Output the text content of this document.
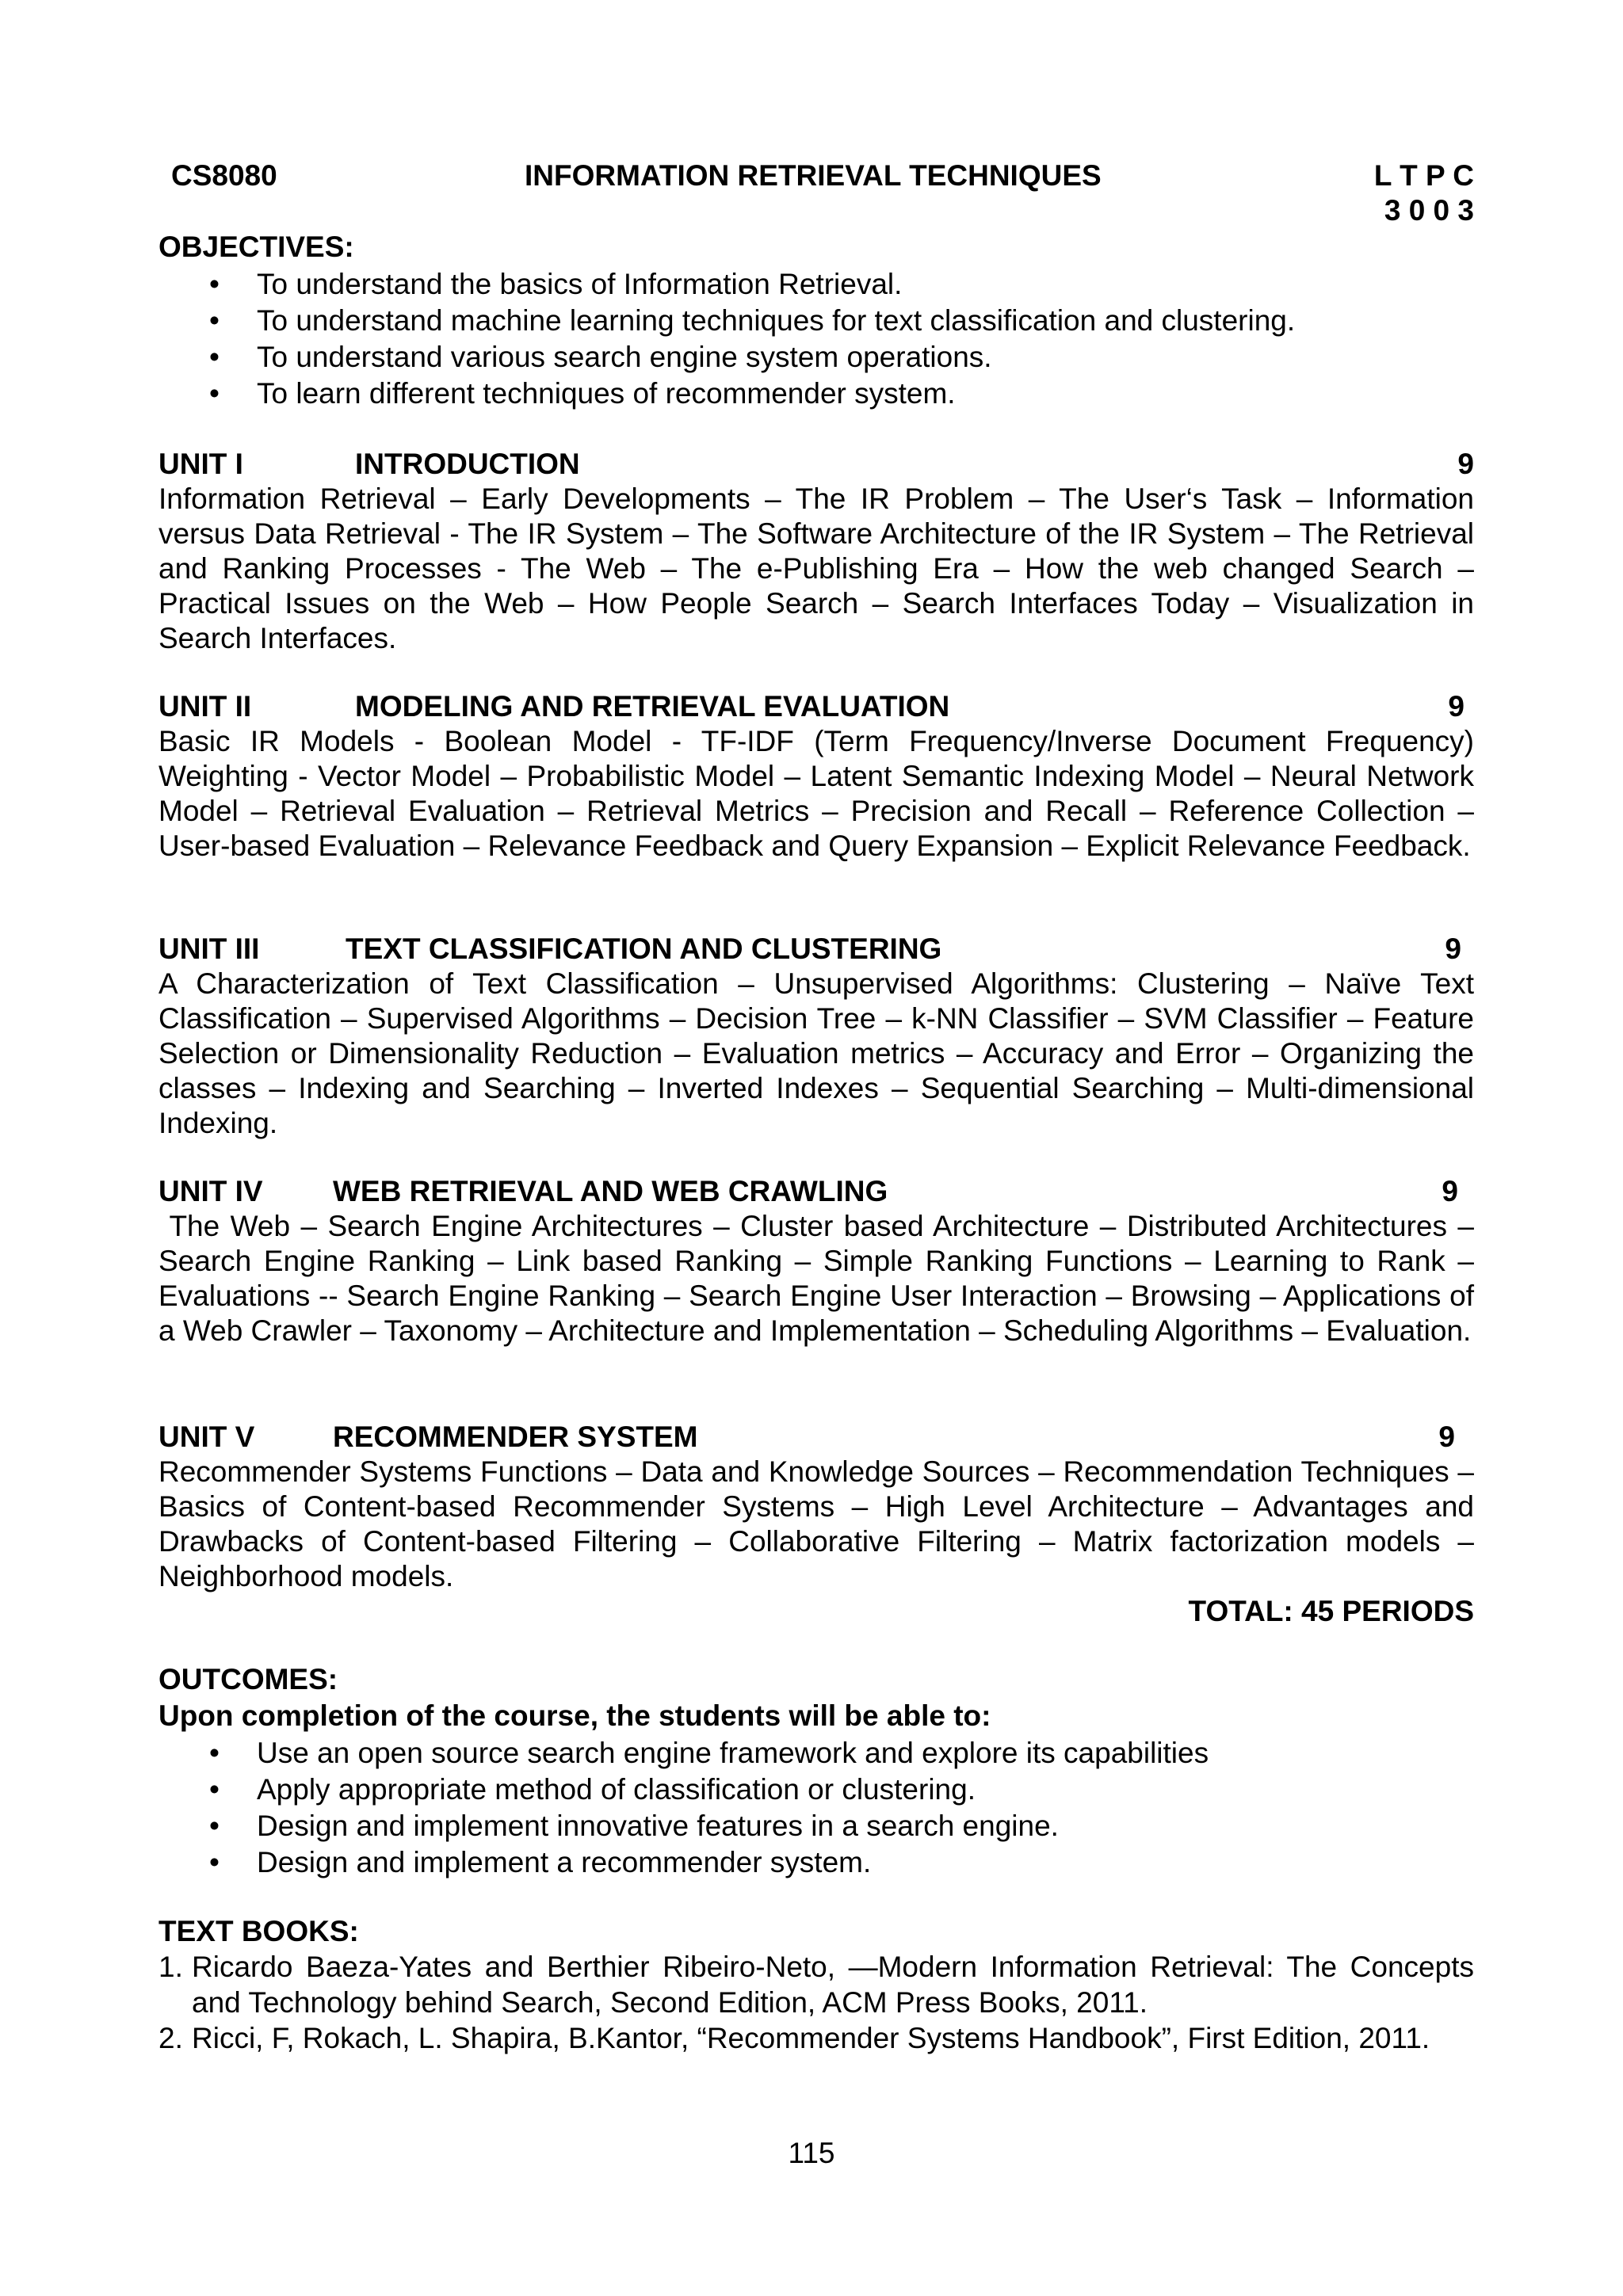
CS8080	INFORMATION RETRIEVAL TECHNIQUES	L T P C
3 0 0 3
OBJECTIVES:
• To understand the basics of Information Retrieval.
• To understand machine learning techniques for text classification and clustering.
• To understand various search engine system operations.
• To learn different techniques of recommender system.
UNIT I	INTRODUCTION	9
Information Retrieval – Early Developments – The IR Problem – The User‘s Task – Information versus Data Retrieval - The IR System – The Software Architecture of the IR System – The Retrieval and Ranking Processes - The Web – The e-Publishing Era – How the web changed Search – Practical Issues on the Web – How People Search – Search Interfaces Today – Visualization in Search Interfaces.
UNIT II	MODELING AND RETRIEVAL EVALUATION	9
Basic IR Models - Boolean Model - TF-IDF (Term Frequency/Inverse Document Frequency) Weighting - Vector Model – Probabilistic Model – Latent Semantic Indexing Model – Neural Network Model – Retrieval Evaluation – Retrieval Metrics – Precision and Recall – Reference Collection – User-based Evaluation – Relevance Feedback and Query Expansion – Explicit Relevance Feedback.
UNIT III	TEXT CLASSIFICATION AND CLUSTERING	9
A Characterization of Text Classification – Unsupervised Algorithms: Clustering – Naïve Text Classification – Supervised Algorithms – Decision Tree – k-NN Classifier – SVM Classifier – Feature Selection or Dimensionality Reduction – Evaluation metrics – Accuracy and Error – Organizing the classes – Indexing and Searching – Inverted Indexes – Sequential Searching – Multi-dimensional Indexing.
UNIT IV WEB RETRIEVAL AND WEB CRAWLING	9
The Web – Search Engine Architectures – Cluster based Architecture – Distributed Architectures – Search Engine Ranking – Link based Ranking – Simple Ranking Functions – Learning to Rank – Evaluations -- Search Engine Ranking – Search Engine User Interaction – Browsing – Applications of a Web Crawler – Taxonomy – Architecture and Implementation – Scheduling Algorithms – Evaluation.
UNIT V	RECOMMENDER SYSTEM	9
Recommender Systems Functions – Data and Knowledge Sources – Recommendation Techniques – Basics of Content-based Recommender Systems – High Level Architecture – Advantages and Drawbacks of Content-based Filtering – Collaborative Filtering – Matrix factorization models – Neighborhood models.
TOTAL: 45 PERIODS
OUTCOMES:
Upon completion of the course, the students will be able to:
• Use an open source search engine framework and explore its capabilities
• Apply appropriate method of classification or clustering.
• Design and implement innovative features in a search engine.
• Design and implement a recommender system.
TEXT BOOKS:
1. Ricardo Baeza-Yates and Berthier Ribeiro-Neto, ―Modern Information Retrieval: The Concepts and Technology behind Search, Second Edition, ACM Press Books, 2011.
2. Ricci, F, Rokach, L. Shapira, B.Kantor, “Recommender Systems Handbook”, First Edition, 2011.
115
